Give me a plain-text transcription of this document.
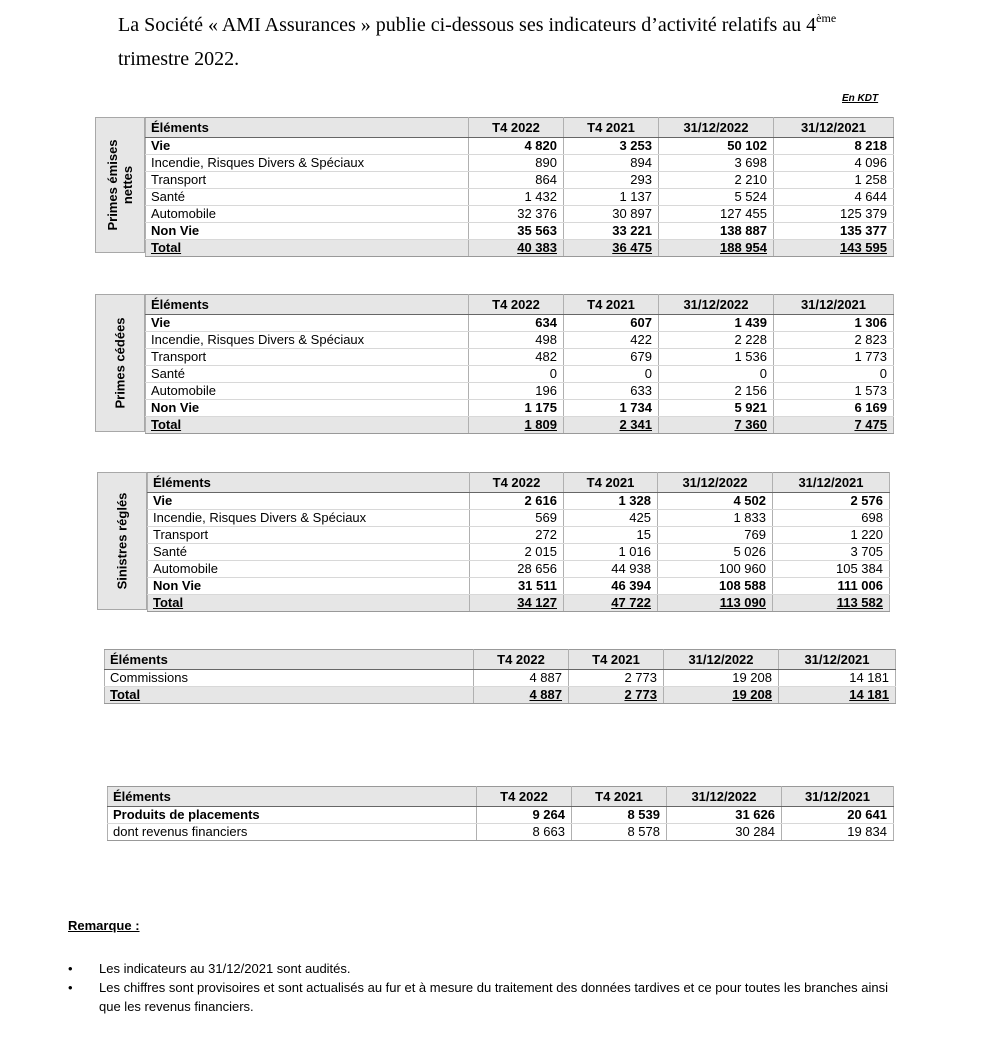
La Société « AMI Assurances » publie ci-dessous ses indicateurs d’activité relatifs au 4ème
trimestre 2022.
En KDT
Primes émises
nettes
Éléments	T4 2022	T4 2021	31/12/2022	31/12/2021
Vie	4 820	3 253	50 102	8 218
Incendie, Risques Divers & Spéciaux	890	894	3 698	4 096
Transport	864	293	2 210	1 258
Santé	1 432	1 137	5 524	4 644
Automobile	32 376	30 897	127 455	125 379
Non Vie	35 563	33 221	138 887	135 377
Total	40 383	36 475	188 954	143 595
Primes cédées
Éléments	T4 2022	T4 2021	31/12/2022	31/12/2021
Vie	634	607	1 439	1 306
Incendie, Risques Divers & Spéciaux	498	422	2 228	2 823
Transport	482	679	1 536	1 773
Santé	0	0	0	0
Automobile	196	633	2 156	1 573
Non Vie	1 175	1 734	5 921	6 169
Total	1 809	2 341	7 360	7 475
Sinistres réglés
Éléments	T4 2022	T4 2021	31/12/2022	31/12/2021
Vie	2 616	1 328	4 502	2 576
Incendie, Risques Divers & Spéciaux	569	425	1 833	698
Transport	272	15	769	1 220
Santé	2 015	1 016	5 026	3 705
Automobile	28 656	44 938	100 960	105 384
Non Vie	31 511	46 394	108 588	111 006
Total	34 127	47 722	113 090	113 582
Éléments	T4 2022	T4 2021	31/12/2022	31/12/2021
Commissions	4 887	2 773	19 208	14 181
Total	4 887	2 773	19 208	14 181
Éléments	T4 2022	T4 2021	31/12/2022	31/12/2021
Produits de placements	9 264	8 539	31 626	20 641
dont revenus financiers	8 663	8 578	30 284	19 834
Remarque :
• Les indicateurs au 31/12/2021 sont audités.
• Les chiffres sont provisoires et sont actualisés au fur et à mesure du traitement des données tardives et ce pour toutes les branches ainsi que les revenus financiers.
